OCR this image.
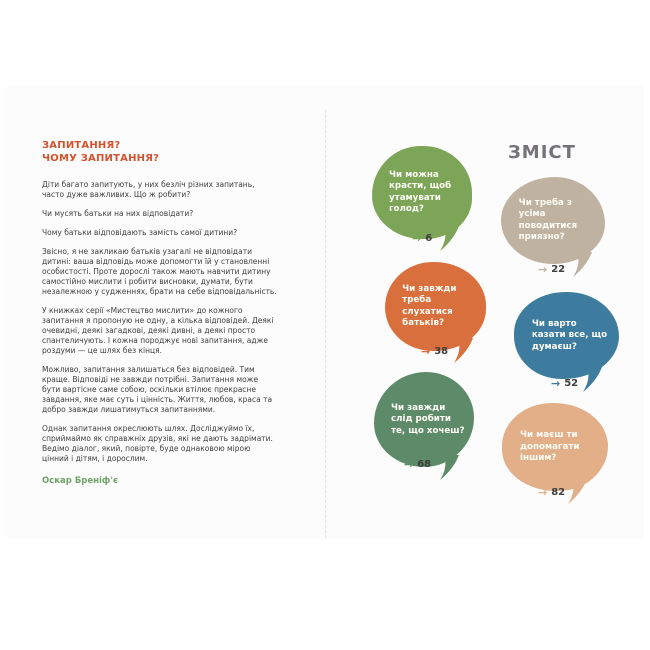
ЗАПИТАННЯ?
ЧОМУ ЗАПИТАННЯ?

Діти багато запитують, у них безліч різних запитань, часто дуже важливих. Що ж робити?

Чи мусять батьки на них відповідати?

Чому батьки відповідають замість самої дитини?

Звісно, я не закликаю батьків узагалі не відповідати дитині: ваша відповідь може допомогти їй у становленні особистості. Проте дорослі також мають навчити дитину самостійно мислити і робити висновки, думати, бути незалежною у судженнях, брати на себе відповідальність.

У книжках серії «Мистецтво мислити» до кожного запитання я пропоную не одну, а кілька відповідей. Деякі очевидні, деякі загадкові, деякі дивні, а деякі просто спантеличують. І кожна породжує нові запитання, адже роздуми — це шлях без кінця.

Можливо, запитання залишаться без відповідей. Тим краще. Відповіді не завжди потрібні. Запитання може бути вартісне саме собою, оскільки втілює прекрасне завдання, яке має суть і цінність. Життя, любов, краса та добро завжди лишатимуться запитаннями.

Однак запитання окреслюють шлях. Досліджуймо їх, сприймаймо як справжніх друзів, які не дають задрімати. Ведімо діалог, який, повірте, буде однаковою мірою цінний і дітям, і дорослим.

Оскар Бреніф'є
ЗМІСТ
Чи можна красти, щоб утамувати голод?
→ 6
Чи треба з усіма поводитися приязно?
→ 22
Чи завжди треба слухатися батьків?
→ 38
Чи варто казати все, що думаєш?
→ 52
Чи завжди слід робити те, що хочеш?
→ 68
Чи маєш ти допомагати іншим?
→ 82
